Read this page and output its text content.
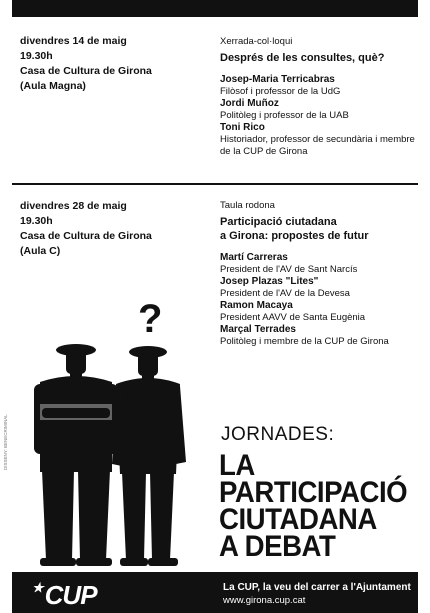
divendres 14 de maig
19.30h
Casa de Cultura de Girona
(Aula Magna)
Xerrada-col·loqui
Després de les consultes, què?
Josep-Maria Terricabras
Filòsof i professor de la UdG
Jordi Muñoz
Politòleg i professor de la UAB
Toni Rico
Historiador, professor de secundària i membre de la CUP de Girona
divendres 28 de maig
19.30h
Casa de Cultura de Girona
(Aula C)
Taula rodona
Participació ciutadana
a Girona: propostes de futur
Martí Carreras
President de l'AV de Sant Narcís
Josep Plazas "Lites"
President de l'AV de la Devesa
Ramon Macaya
President AAVV de Santa Eugènia
Marçal Terrades
Politòleg i membre de la CUP de Girona
?
JORNADES:
LA
PARTICIPACIÓ
CIUTADANA
A DEBAT
DISSENY: BENECRIMINAL
★CUP	La CUP, la veu del carrer a l'Ajuntament
www.girona.cup.cat
